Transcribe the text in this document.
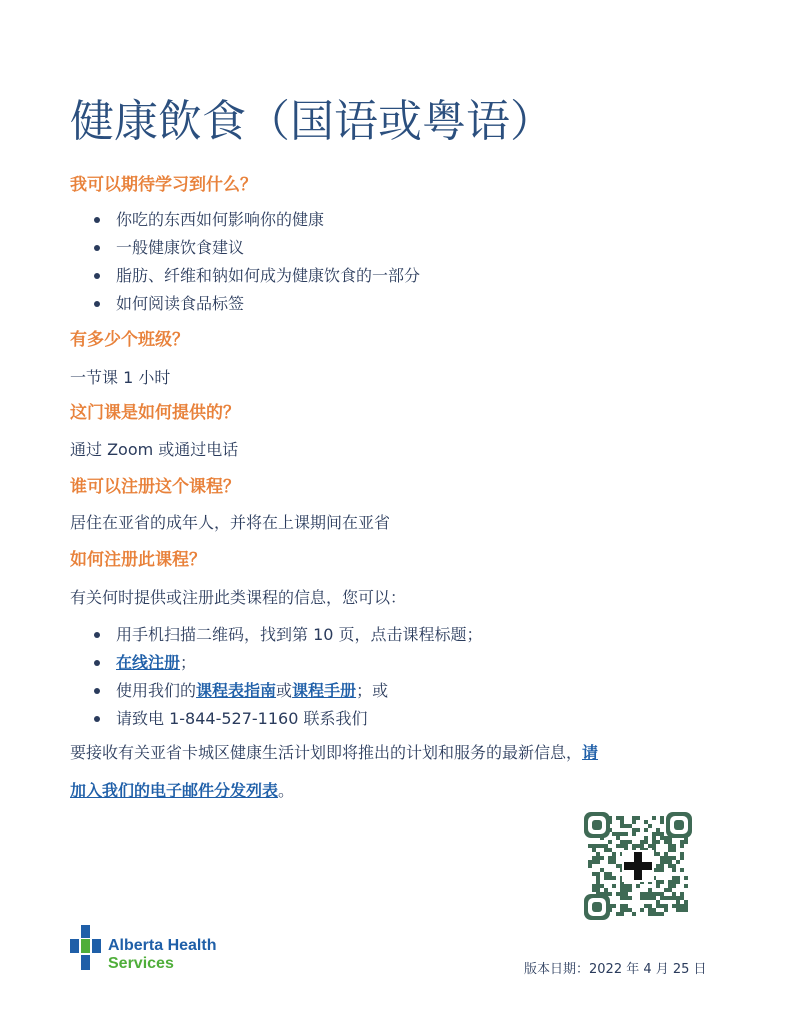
健康飲食（国语或粤语）
我可以期待学习到什么？
你吃的东西如何影响你的健康
一般健康饮食建议
脂肪、纤维和钠如何成为健康饮食的一部分
如何阅读食品标签
有多少个班级？

一节课 1 小时

这门课是如何提供的？

通过 Zoom 或通过电话

谁可以注册这个课程？

居住在亚省的成年人，并将在上课期间在亚省

如何注册此课程？

有关何时提供或注册此类课程的信息，您可以：

用手机扫描二维码，找到第 10 页，点击课程标题；
在线注册；
使用我们的课程表指南或课程手册；或
请致电 1-844-527-1160 联系我们

要接收有关亚省卡城区健康生活计划即将推出的计划和服务的最新信息，请

加入我们的电子邮件分发列表。

Alberta Health
Services	版本日期：2022 年 4 月 25 日
